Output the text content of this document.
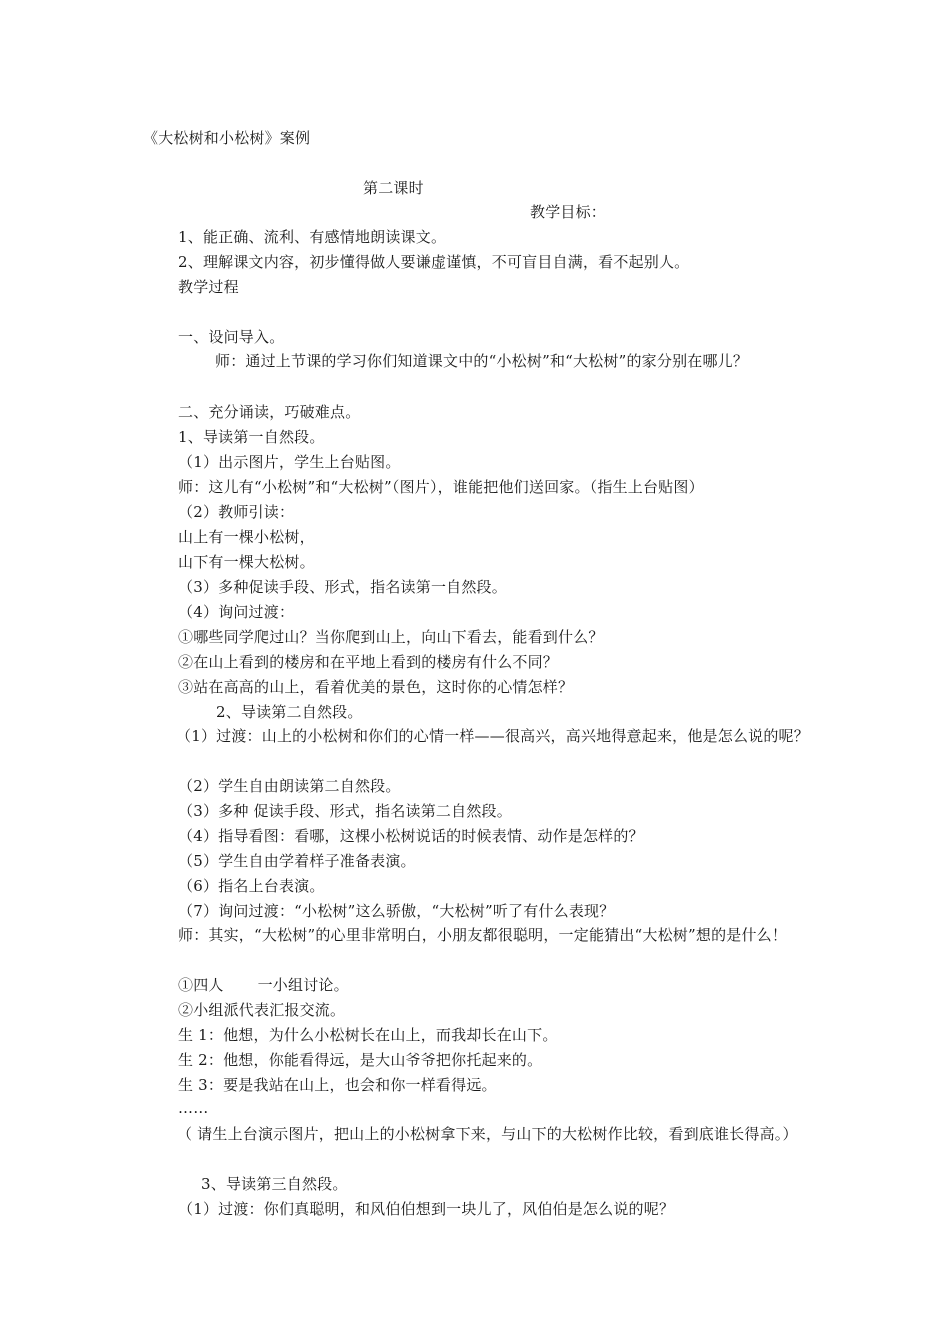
《大松树和小松树》案例
第二课时
教学目标：
1、能正确、流利、有感情地朗读课文。
2、理解课文内容，初步懂得做人要谦虚谨慎，不可盲目自满，看不起别人。
教学过程
一、设问导入。
师：通过上节课的学习你们知道课文中的“小松树”和“大松树”的家分别在哪儿？
二、充分诵读，巧破难点。
1、导读第一自然段。
（1）出示图片，学生上台贴图。
师：这儿有“小松树”和“大松树”（图片），谁能把他们送回家。（指生上台贴图）
（2）教师引读：
山上有一棵小松树，
山下有一棵大松树。
（3）多种促读手段、形式，指名读第一自然段。
（4）询问过渡：
①哪些同学爬过山？当你爬到山上，向山下看去，能看到什么？
②在山上看到的楼房和在平地上看到的楼房有什么不同？
③站在高高的山上，看着优美的景色，这时你的心情怎样？
2、导读第二自然段。
（1）过渡：山上的小松树和你们的心情一样——很高兴，高兴地得意起来，他是怎么说的呢？
（2）学生自由朗读第二自然段。
（3）多种 促读手段、形式，指名读第二自然段。
（4）指导看图：看哪，这棵小松树说话的时候表情、动作是怎样的？
（5）学生自由学着样子准备表演。
（6）指名上台表演。
（7）询问过渡：“小松树”这么骄傲，“大松树”听了有什么表现？
师：其实，“大松树”的心里非常明白，小朋友都很聪明，一定能猜出“大松树”想的是什么！
①四人 一小组讨论。
②小组派代表汇报交流。
生 1：他想，为什么小松树长在山上，而我却长在山下。
生 2：他想，你能看得远，是大山爷爷把你托起来的。
生 3：要是我站在山上，也会和你一样看得远。
……
（ 请生上台演示图片，把山上的小松树拿下来，与山下的大松树作比较，看到底谁长得高。）
3、导读第三自然段。
（1）过渡：你们真聪明，和风伯伯想到一块儿了，风伯伯是怎么说的呢？
